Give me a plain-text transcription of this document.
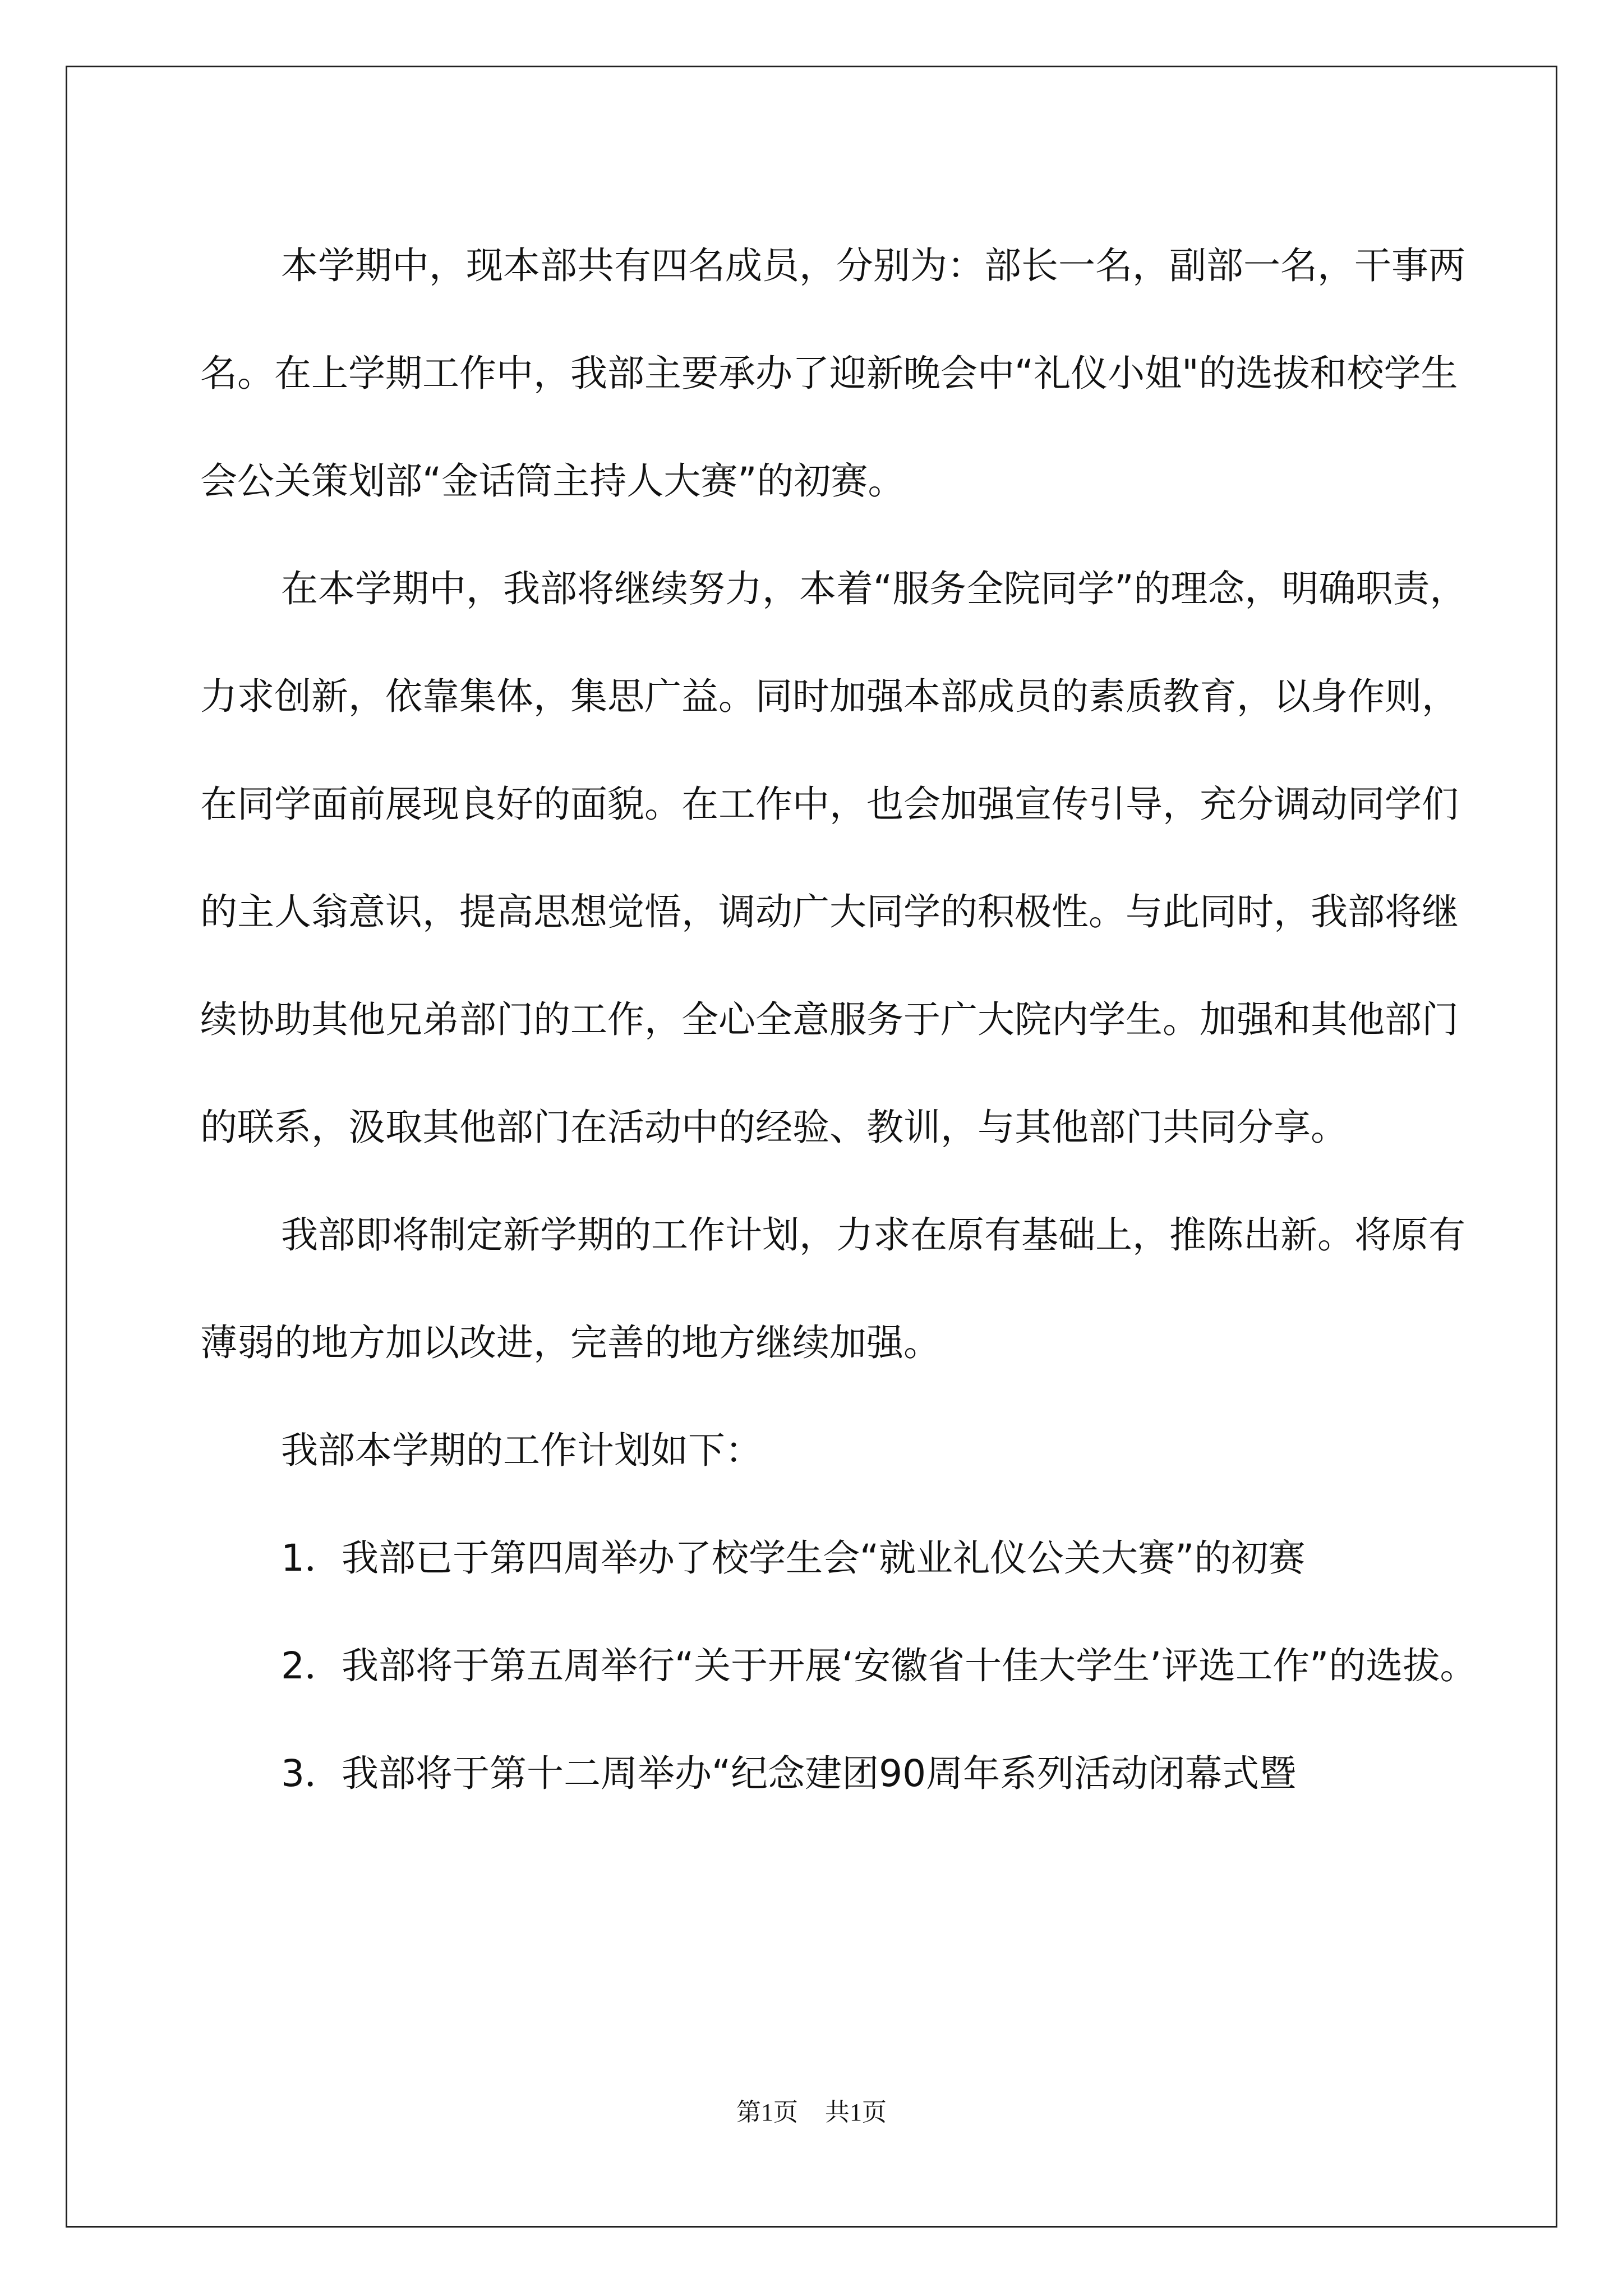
本学期中，现本部共有四名成员，分别为：部长一名，副部一名，干事两名。在上学期工作中，我部主要承办了迎新晚会中“礼仪小姐"的选拔和校学生会公关策划部“金话筒主持人大赛”的初赛。

在本学期中，我部将继续努力，本着“服务全院同学”的理念，明确职责，力求创新，依靠集体，集思广益。同时加强本部成员的素质教育，以身作则，在同学面前展现良好的面貌。在工作中，也会加强宣传引导，充分调动同学们的主人翁意识，提高思想觉悟，调动广大同学的积极性。与此同时，我部将继续协助其他兄弟部门的工作，全心全意服务于广大院内学生。加强和其他部门的联系，汲取其他部门在活动中的经验、教训，与其他部门共同分享。

我部即将制定新学期的工作计划，力求在原有基础上，推陈出新。将原有薄弱的地方加以改进，完善的地方继续加强。

我部本学期的工作计划如下：

1．我部已于第四周举办了校学生会“就业礼仪公关大赛”的初赛

2．我部将于第五周举行“关于开展‘安徽省十佳大学生’评选工作”的选拔。

3．我部将于第十二周举办“纪念建团90周年系列活动闭幕式暨

第1页 共1页
